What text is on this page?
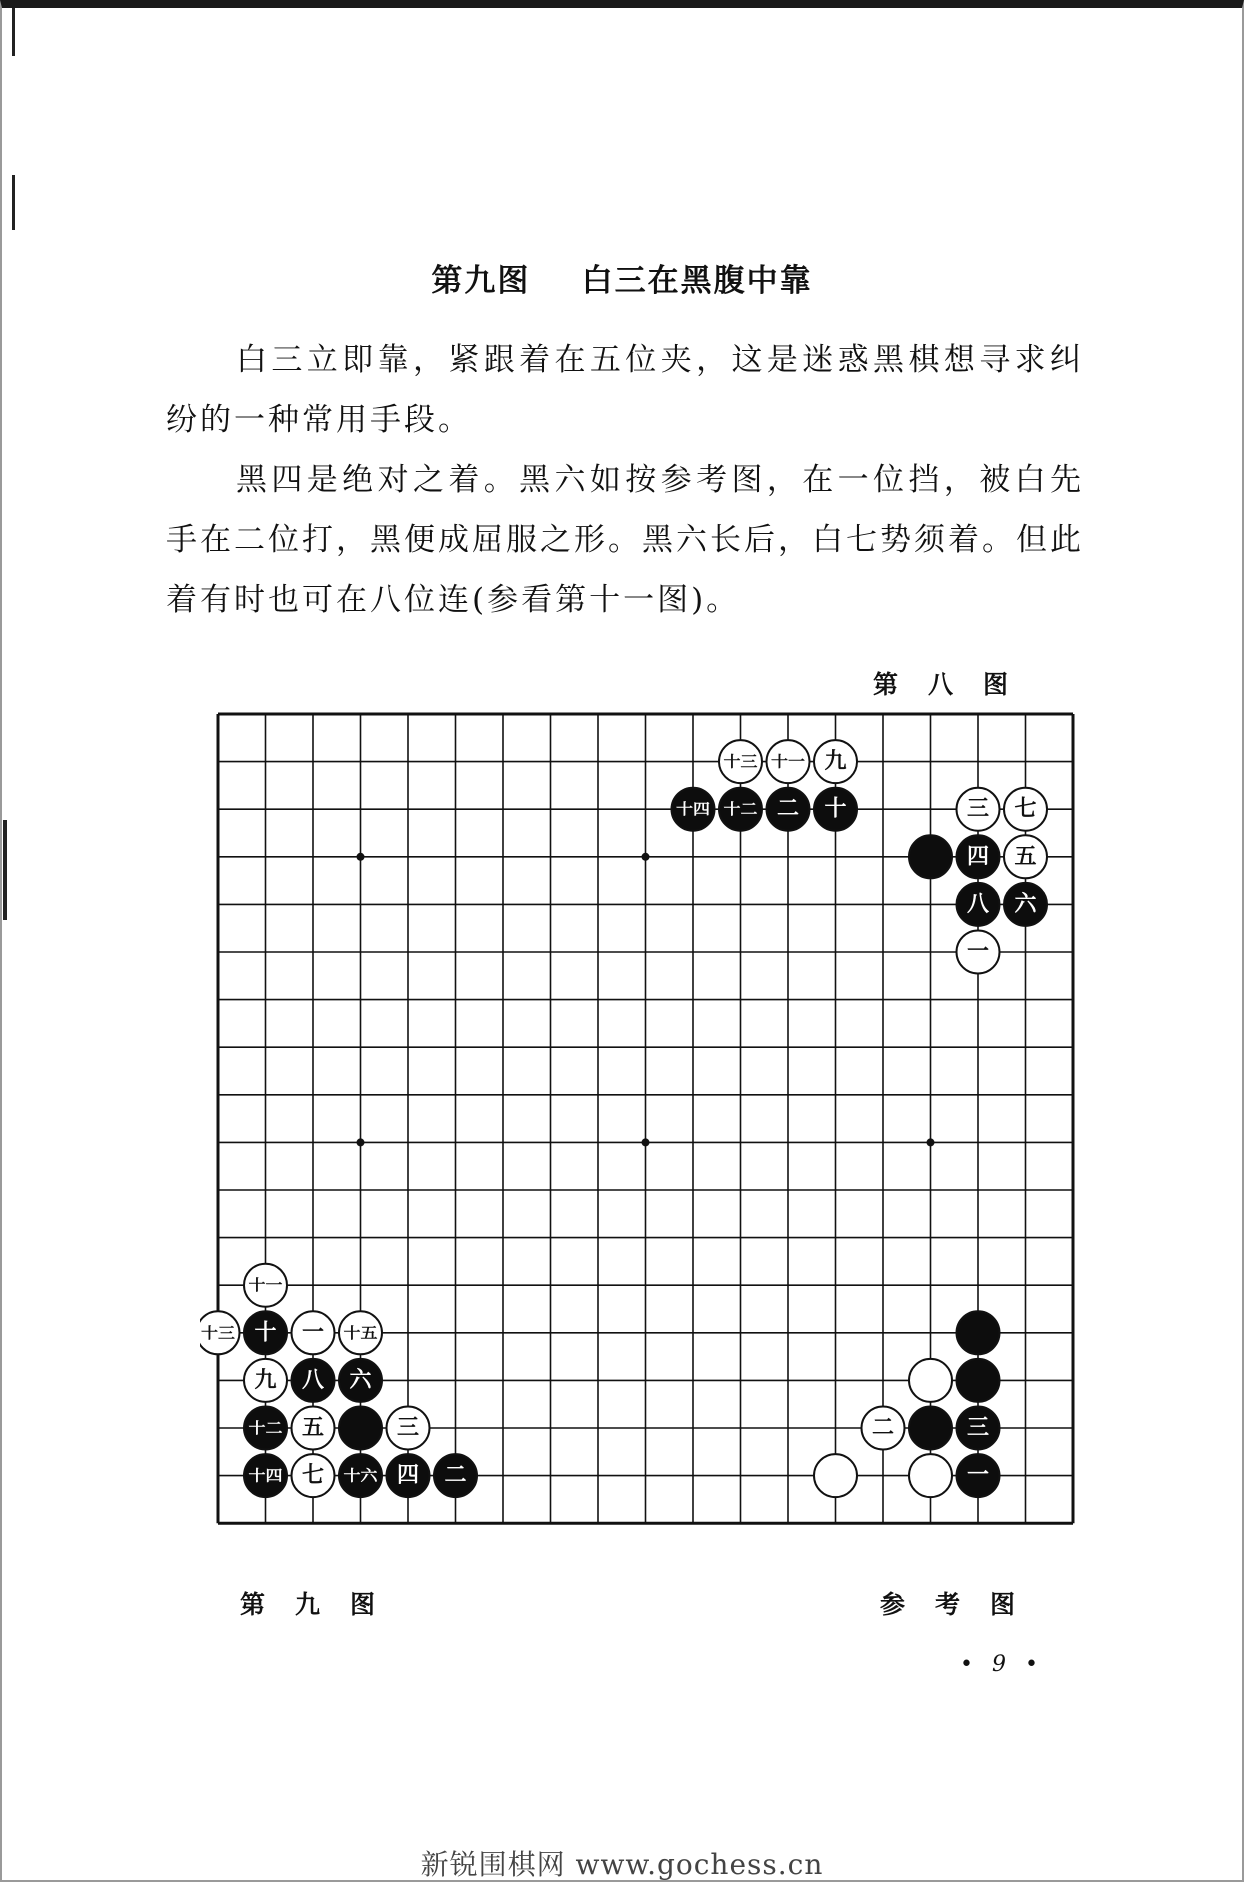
第九图 白三在黑腹中靠
白三立即靠，紧跟着在五位夹，这是迷惑黑棋想寻求纠纷的一种常用手段。
黑四是绝对之着。黑六如按参考图，在一位挡，被白先手在二位打，黑便成屈服之形。黑六长后，白七势须着。但此着有时也可在八位连(参看第十一图)。
第八图
十三 十一 九
十四 十二 二 十	三 七
四 五
八 六
一
十一
十三 十 一 十五
九 八 六
十二 五	三
十四 七 十六 四 二
二	三
一
第九图	参考图
• 9 •
新锐围棋网 www.gochess.cn
